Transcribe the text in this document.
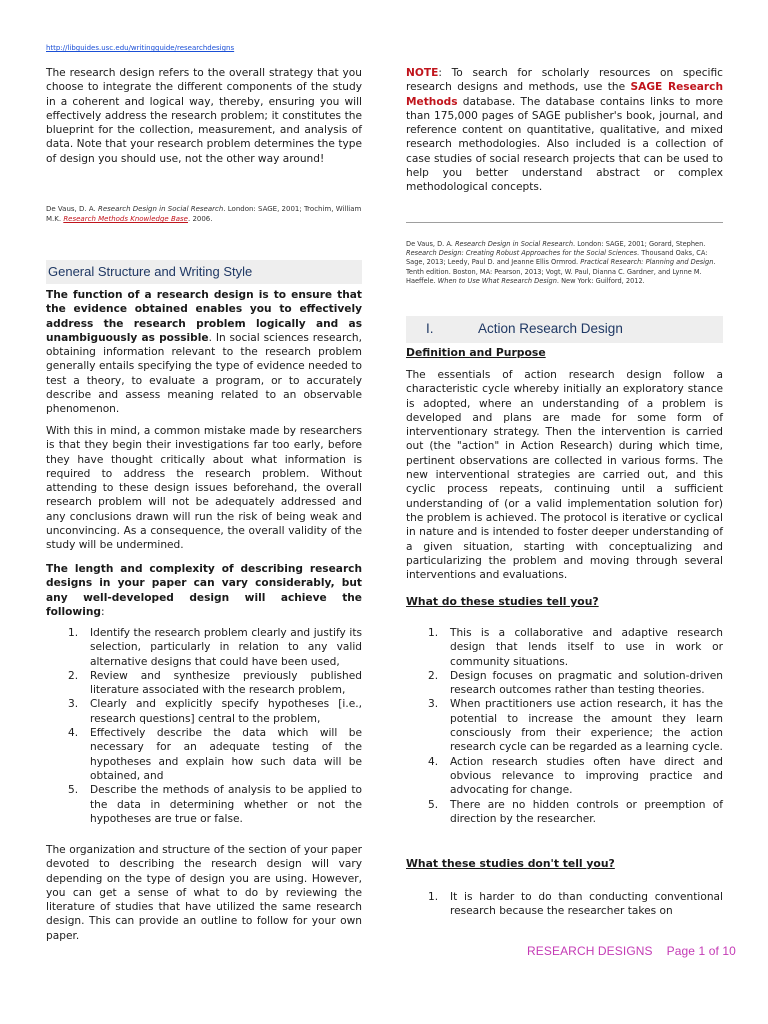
http://libguides.usc.edu/writingguide/researchdesigns

The research design refers to the overall strategy that you choose to integrate the different components of the study in a coherent and logical way, thereby, ensuring you will effectively address the research problem; it constitutes the blueprint for the collection, measurement, and analysis of data. Note that your research problem determines the type of design you should use, not the other way around!

De Vaus, D. A. Research Design in Social Research. London: SAGE, 2001; Trochim, William M.K. Research Methods Knowledge Base. 2006.

General Structure and Writing Style

The function of a research design is to ensure that the evidence obtained enables you to effectively address the research problem logically and as unambiguously as possible. In social sciences research, obtaining information relevant to the research problem generally entails specifying the type of evidence needed to test a theory, to evaluate a program, or to accurately describe and assess meaning related to an observable phenomenon.

With this in mind, a common mistake made by researchers is that they begin their investigations far too early, before they have thought critically about what information is required to address the research problem. Without attending to these design issues beforehand, the overall research problem will not be adequately addressed and any conclusions drawn will run the risk of being weak and unconvincing. As a consequence, the overall validity of the study will be undermined.

The length and complexity of describing research designs in your paper can vary considerably, but any well-developed design will achieve the following:

1. Identify the research problem clearly and justify its selection, particularly in relation to any valid alternative designs that could have been used,
2. Review and synthesize previously published literature associated with the research problem,
3. Clearly and explicitly specify hypotheses [i.e., research questions] central to the problem,
4. Effectively describe the data which will be necessary for an adequate testing of the hypotheses and explain how such data will be obtained, and
5. Describe the methods of analysis to be applied to the data in determining whether or not the hypotheses are true or false.

The organization and structure of the section of your paper devoted to describing the research design will vary depending on the type of design you are using. However, you can get a sense of what to do by reviewing the literature of studies that have utilized the same research design. This can provide an outline to follow for your own paper.

NOTE: To search for scholarly resources on specific research designs and methods, use the SAGE Research Methods database. The database contains links to more than 175,000 pages of SAGE publisher's book, journal, and reference content on quantitative, qualitative, and mixed research methodologies. Also included is a collection of case studies of social research projects that can be used to help you better understand abstract or complex methodological concepts.

De Vaus, D. A. Research Design in Social Research. London: SAGE, 2001; Gorard, Stephen. Research Design: Creating Robust Approaches for the Social Sciences. Thousand Oaks, CA: Sage, 2013; Leedy, Paul D. and Jeanne Ellis Ormrod. Practical Research: Planning and Design. Tenth edition. Boston, MA: Pearson, 2013; Vogt, W. Paul, Dianna C. Gardner, and Lynne M. Haeffele. When to Use What Research Design. New York: Guilford, 2012.

I.	Action Research Design
Definition and Purpose

The essentials of action research design follow a characteristic cycle whereby initially an exploratory stance is adopted, where an understanding of a problem is developed and plans are made for some form of interventionary strategy. Then the intervention is carried out (the "action" in Action Research) during which time, pertinent observations are collected in various forms. The new interventional strategies are carried out, and this cyclic process repeats, continuing until a sufficient understanding of (or a valid implementation solution for) the problem is achieved. The protocol is iterative or cyclical in nature and is intended to foster deeper understanding of a given situation, starting with conceptualizing and particularizing the problem and moving through several interventions and evaluations.

What do these studies tell you?
1. This is a collaborative and adaptive research design that lends itself to use in work or community situations.
2. Design focuses on pragmatic and solution-driven research outcomes rather than testing theories.
3. When practitioners use action research, it has the potential to increase the amount they learn consciously from their experience; the action research cycle can be regarded as a learning cycle.
4. Action research studies often have direct and obvious relevance to improving practice and advocating for change.
5. There are no hidden controls or preemption of direction by the researcher.
What these studies don't tell you?
1. It is harder to do than conducting conventional research because the researcher takes on
RESEARCH DESIGNS Page 1 of 10
